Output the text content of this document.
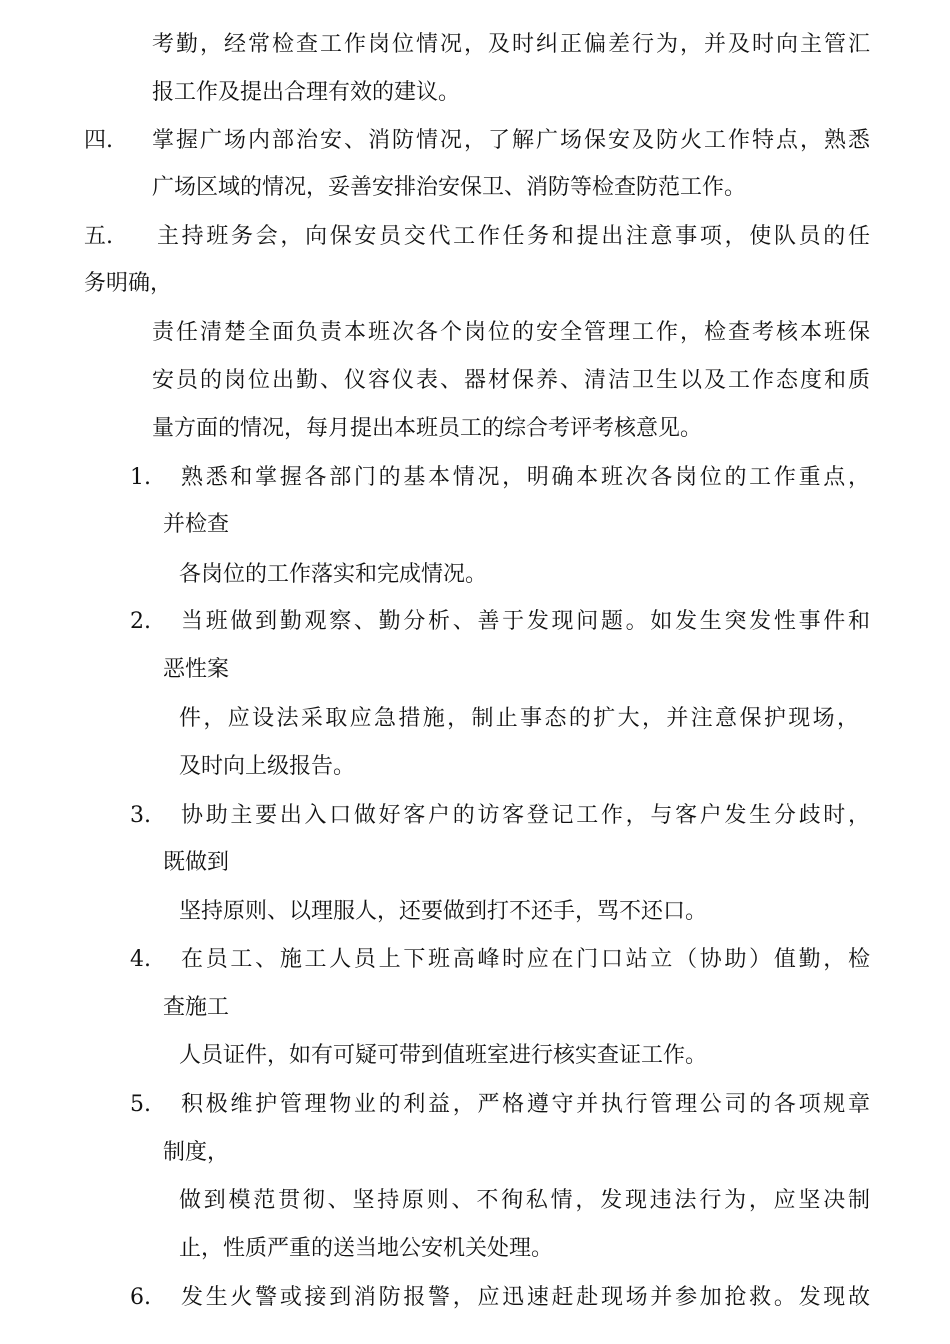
考勤，经常检查工作岗位情况，及时纠正偏差行为，并及时向主管汇
报工作及提出合理有效的建议。
四. 掌握广场内部治安、消防情况，了解广场保安及防火工作特点，熟悉
广场区域的情况，妥善安排治安保卫、消防等检查防范工作。
五. 主持班务会，向保安员交代工作任务和提出注意事项，使队员的任
务明确，
责任清楚全面负责本班次各个岗位的安全管理工作，检查考核本班保
安员的岗位出勤、仪容仪表、器材保养、清洁卫生以及工作态度和质
量方面的情况，每月提出本班员工的综合考评考核意见。
1. 熟悉和掌握各部门的基本情况，明确本班次各岗位的工作重点，
并检查
各岗位的工作落实和完成情况。
2. 当班做到勤观察、勤分析、善于发现问题。如发生突发性事件和
恶性案
件，应设法采取应急措施，制止事态的扩大，并注意保护现场，
及时向上级报告。
3. 协助主要出入口做好客户的访客登记工作，与客户发生分歧时，
既做到
坚持原则、以理服人，还要做到打不还手，骂不还口。
4. 在员工、施工人员上下班高峰时应在门口站立（协助）值勤，检
查施工
人员证件，如有可疑可带到值班室进行核实查证工作。
5. 积极维护管理物业的利益，严格遵守并执行管理公司的各项规章
制度，
做到模范贯彻、坚持原则、不徇私情，发现违法行为，应坚决制
止，性质严重的送当地公安机关处理。
6. 发生火警或接到消防报警，应迅速赶赴现场并参加抢救。发现故
